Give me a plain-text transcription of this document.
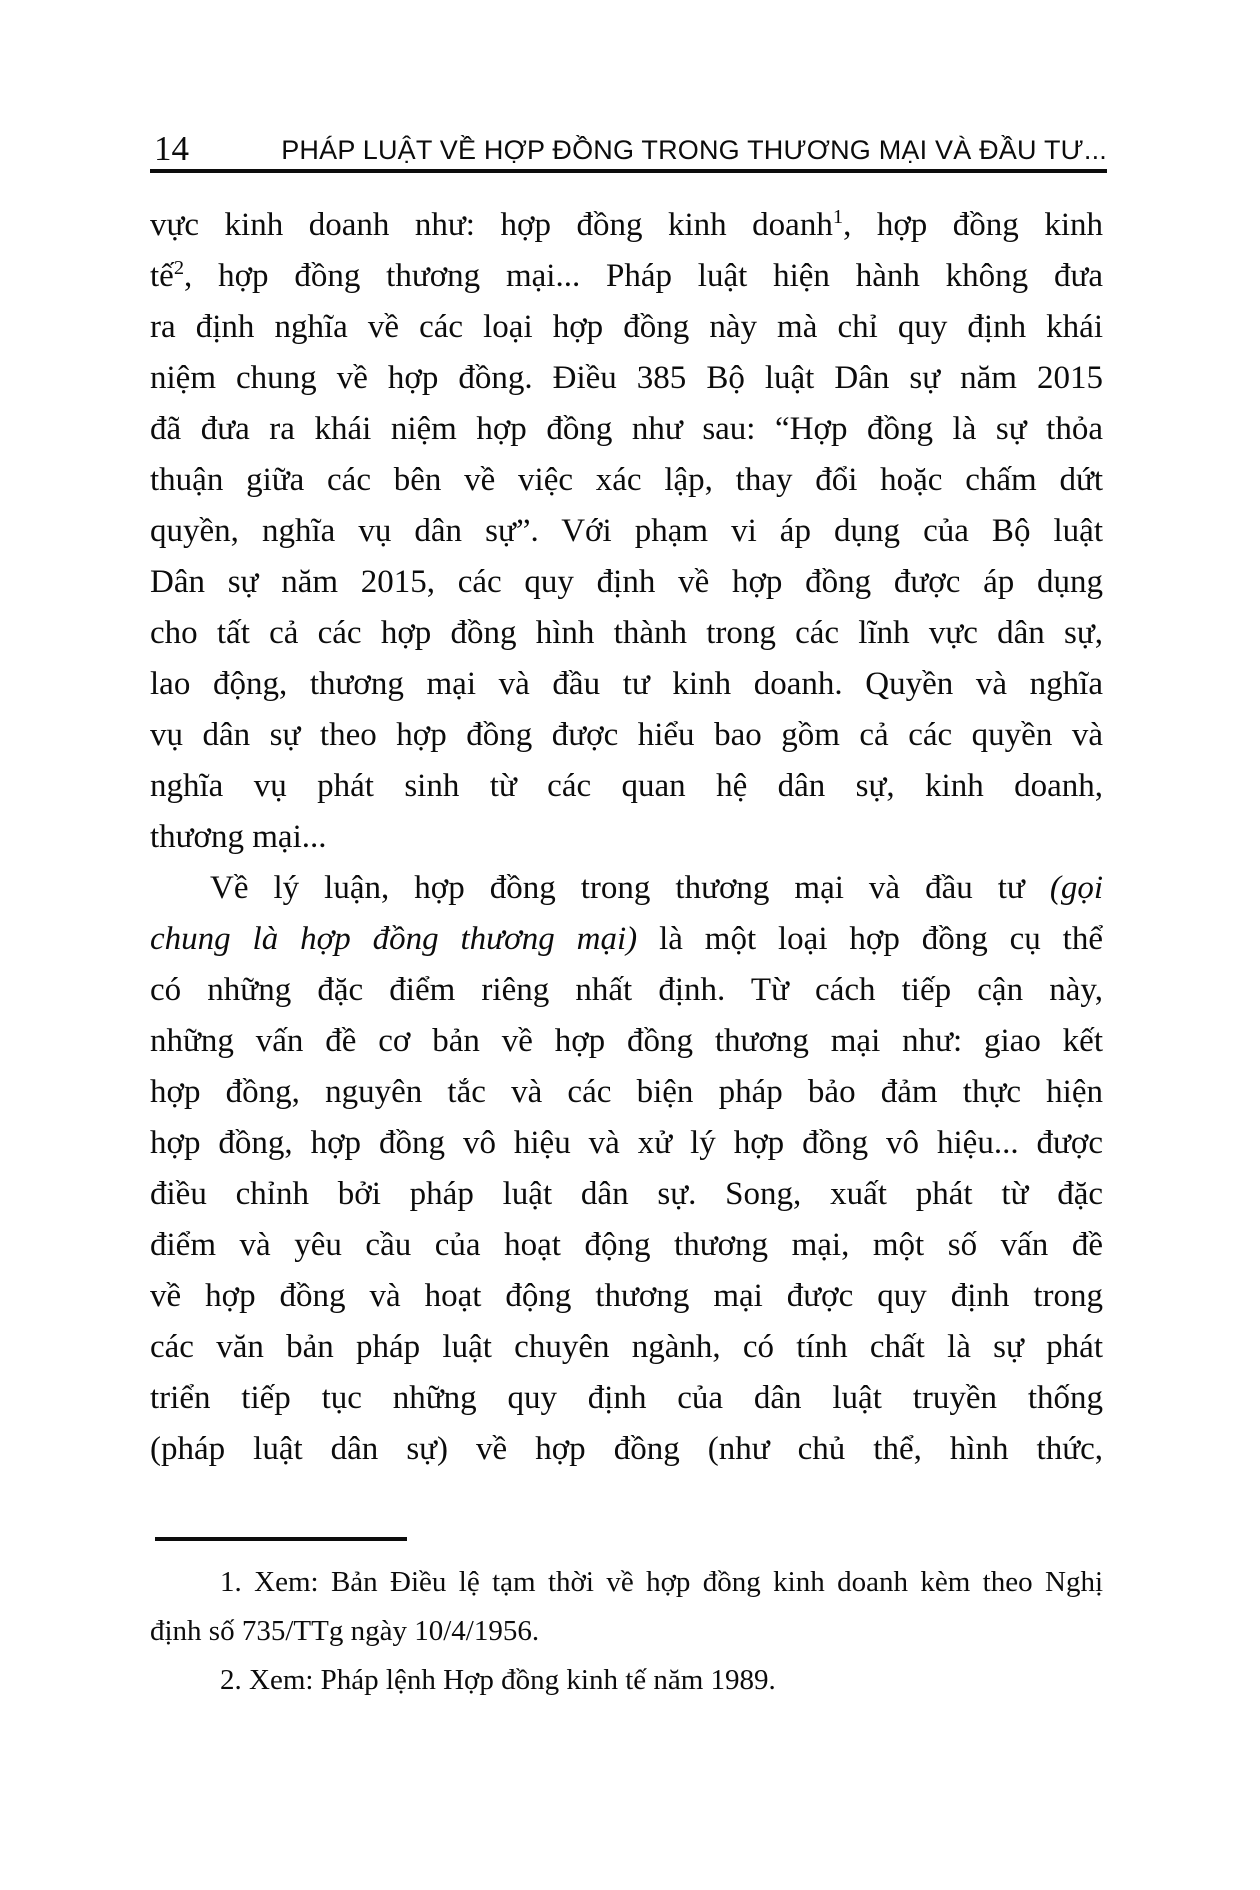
14	PHÁP LUẬT VỀ HỢP ĐỒNG TRONG THƯƠNG MẠI VÀ ĐẦU TƯ...
vực kinh doanh như: hợp đồng kinh doanh$^1$, hợp đồng kinh
tế$^2$, hợp đồng thương mại... Pháp luật hiện hành không đưa
ra định nghĩa về các loại hợp đồng này mà chỉ quy định khái
niệm chung về hợp đồng. Điều 385 Bộ luật Dân sự năm 2015
đã đưa ra khái niệm hợp đồng như sau: “Hợp đồng là sự thỏa
thuận giữa các bên về việc xác lập, thay đổi hoặc chấm dứt
quyền, nghĩa vụ dân sự”. Với phạm vi áp dụng của Bộ luật
Dân sự năm 2015, các quy định về hợp đồng được áp dụng
cho tất cả các hợp đồng hình thành trong các lĩnh vực dân sự,
lao động, thương mại và đầu tư kinh doanh. Quyền và nghĩa
vụ dân sự theo hợp đồng được hiểu bao gồm cả các quyền và
nghĩa vụ phát sinh từ các quan hệ dân sự, kinh doanh,
thương mại...
Về lý luận, hợp đồng trong thương mại và đầu tư (gọi
chung là hợp đồng thương mại) là một loại hợp đồng cụ thể
có những đặc điểm riêng nhất định. Từ cách tiếp cận này,
những vấn đề cơ bản về hợp đồng thương mại như: giao kết
hợp đồng, nguyên tắc và các biện pháp bảo đảm thực hiện
hợp đồng, hợp đồng vô hiệu và xử lý hợp đồng vô hiệu... được
điều chỉnh bởi pháp luật dân sự. Song, xuất phát từ đặc
điểm và yêu cầu của hoạt động thương mại, một số vấn đề
về hợp đồng và hoạt động thương mại được quy định trong
các văn bản pháp luật chuyên ngành, có tính chất là sự phát
triển tiếp tục những quy định của dân luật truyền thống
(pháp luật dân sự) về hợp đồng (như chủ thể, hình thức,
1. Xem: Bản Điều lệ tạm thời về hợp đồng kinh doanh kèm theo Nghị
định số 735/TTg ngày 10/4/1956.
2. Xem: Pháp lệnh Hợp đồng kinh tế năm 1989.
